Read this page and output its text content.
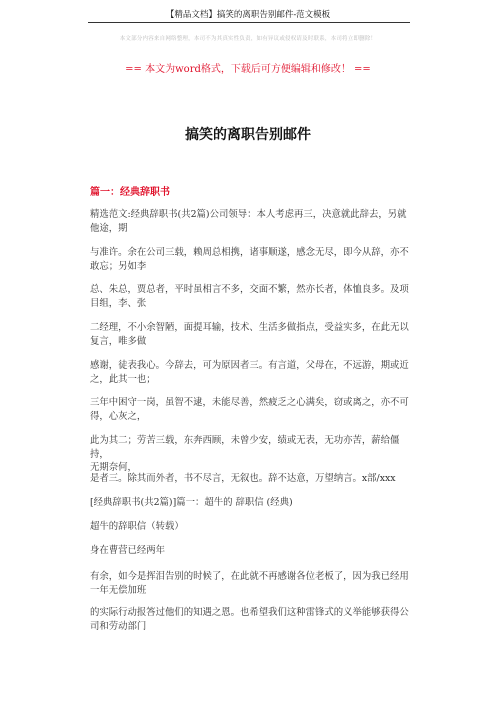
【精品文档】搞笑的离职告别邮件-范文模板
本文部分内容来自网络整理，本司不为其真实性负责，如有异议或侵权请及时联系，本司将立即删除！
== 本文为word格式，下载后可方便编辑和修改！ ==
搞笑的离职告别邮件
篇一：经典辞职书
精选范文:经典辞职书(共2篇)公司领导：本人考虑再三，决意就此辞去，另就
他途，期
与准许。余在公司三载，赖周总相携，诸事顺遂，感念无尽，即今从辞，亦不
敢忘；另如李
总、朱总，贾总者，平时虽相言不多，交面不繁，然亦长者，体恤良多。及项
目组，李、张
二经理，不小余智陋，面提耳输，技术、生活多做指点，受益实多，在此无以
复言，唯多做
感谢，徒表我心。今辞去，可为原因者三。有言道，父母在，不远游，期或近
之，此其一也；
三年中困守一岗，虽智不逮，未能尽善，然疲乏之心满矣，窃或离之，亦不可
得，心灰之，
此为其二；劳苦三载，东奔西顾，未曾少安，绩或无表，无功亦苦，薪给僵持，
无期奈何，
是者三。除其而外者，书不尽言，无叙也。辞不达意，万望纳言。x部/xxx
[经典辞职书(共2篇)]篇一：超牛的 辞职信 (经典)
超牛的辞职信（转载）
身在曹营已经两年
有余，如今是挥泪告别的时候了，在此就不再感谢各位老板了，因为我已经用
一年无偿加班
的实际行动报答过他们的知遇之恩。也希望我们这种雷锋式的义举能够获得公
司和劳动部门
